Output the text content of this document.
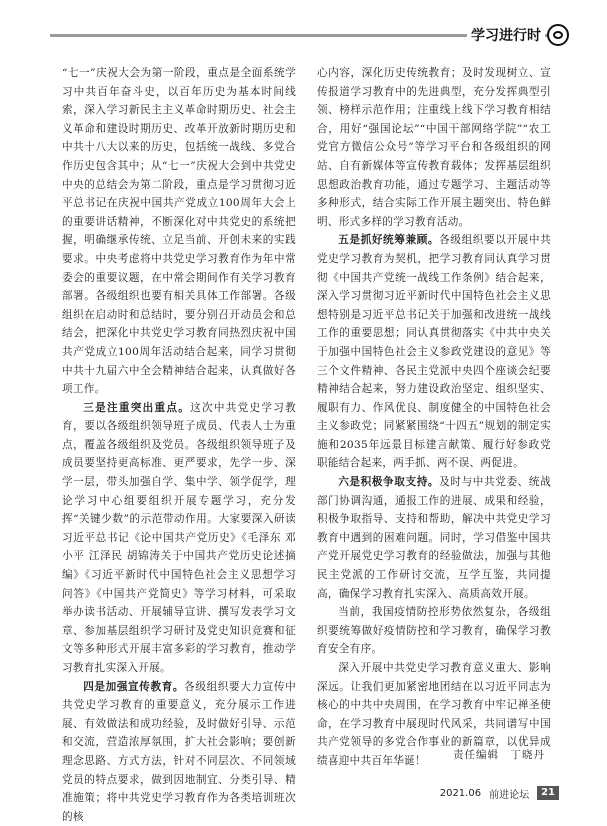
学习进行时

“七一”庆祝大会为第一阶段，重点是全面系统学习中共百年奋斗史，以百年历史为基本时间线索，深入学习新民主主义革命时期历史、社会主义革命和建设时期历史、改革开放新时期历史和中共十八大以来的历史，包括统一战线、多党合作历史包含其中；从“七一”庆祝大会到中共党史中央的总结会为第二阶段，重点是学习贯彻习近平总书记在庆祝中国共产党成立100周年大会上的重要讲话精神，不断深化对中共党史的系统把握，明确继承传统、立足当前、开创未来的实践要求。中央考虑将中共党史学习教育作为年中常委会的重要议题，在中常会期间作有关学习教育部署。各级组织也要有相关具体工作部署。各级组织在启动时和总结时，要分别召开动员会和总结会，把深化中共党史学习教育同热烈庆祝中国共产党成立100周年活动结合起来，同学习贯彻中共十九届六中全会精神结合起来，认真做好各项工作。

三是注重突出重点。这次中共党史学习教育，要以各级组织领导班子成员、代表人士为重点，覆盖各级组织及党员。各级组织领导班子及成员要坚持更高标准、更严要求，先学一步、深学一层，带头加强自学、集中学、领学促学，理论学习中心组要组织开展专题学习，充分发挥“关键少数”的示范带动作用。大家要深入研读习近平总书记《论中国共产党历史》《毛泽东 邓小平 江泽民 胡锦涛关于中国共产党历史论述摘编》《习近平新时代中国特色社会主义思想学习问答》《中国共产党简史》等学习材料，可采取举办读书活动、开展辅导宣讲、撰写发表学习文章、参加基层组织学习研讨及党史知识竞赛和征文等多种形式开展丰富多彩的学习教育，推动学习教育扎实深入开展。

四是加强宣传教育。各级组织要大力宣传中共党史学习教育的重要意义，充分展示工作进展、有效做法和成功经验，及时做好引导、示范和交流，营造浓厚氛围，扩大社会影响；要创新理念思路、方式方法，针对不同层次、不同领域党员的特点要求，做到因地制宜、分类引导、精准施策；将中共党史学习教育作为各类培训班次的核

心内容，深化历史传统教育；及时发现树立、宣传报道学习教育中的先进典型，充分发挥典型引领、榜样示范作用；注重线上线下学习教育相结合，用好“强国论坛”“中国干部网络学院”“农工党官方微信公众号”等学习平台和各级组织的网站、自有新媒体等宣传教育载体；发挥基层组织思想政治教育功能，通过专题学习、主题活动等多种形式，结合实际工作开展主题突出、特色鲜明、形式多样的学习教育活动。

五是抓好统筹兼顾。各级组织要以开展中共党史学习教育为契机，把学习教育同认真学习贯彻《中国共产党统一战线工作条例》结合起来，深入学习贯彻习近平新时代中国特色社会主义思想特别是习近平总书记关于加强和改进统一战线工作的重要思想；同认真贯彻落实《中共中央关于加强中国特色社会主义参政党建设的意见》等三个文件精神、各民主党派中央四个座谈会纪要精神结合起来，努力建设政治坚定、组织坚实、履职有力、作风优良、制度健全的中国特色社会主义参政党；同紧紧围绕“十四五”规划的制定实施和2035年远景目标建言献策、履行好参政党职能结合起来，两手抓、两不误、两促进。

六是积极争取支持。及时与中共党委、统战部门协调沟通，通报工作的进展、成果和经验，积极争取指导、支持和帮助，解决中共党史学习教育中遇到的困难问题。同时，学习借鉴中国共产党开展党史学习教育的经验做法，加强与其他民主党派的工作研讨交流，互学互鉴，共同提高，确保学习教育扎实深入、高质高效开展。

当前，我国疫情防控形势依然复杂，各级组织要统筹做好疫情防控和学习教育，确保学习教育安全有序。

深入开展中共党史学习教育意义重大、影响深远。让我们更加紧密地团结在以习近平同志为核心的中共中央周围，在学习教育中牢记禅圣使命，在学习教育中展现时代风采，共同谱写中国共产党领导的多党合作事业的新篇章，以优异成绩喜迎中共百年华诞！	责任编辑　丁晓丹
2021.06 前进论坛	21
